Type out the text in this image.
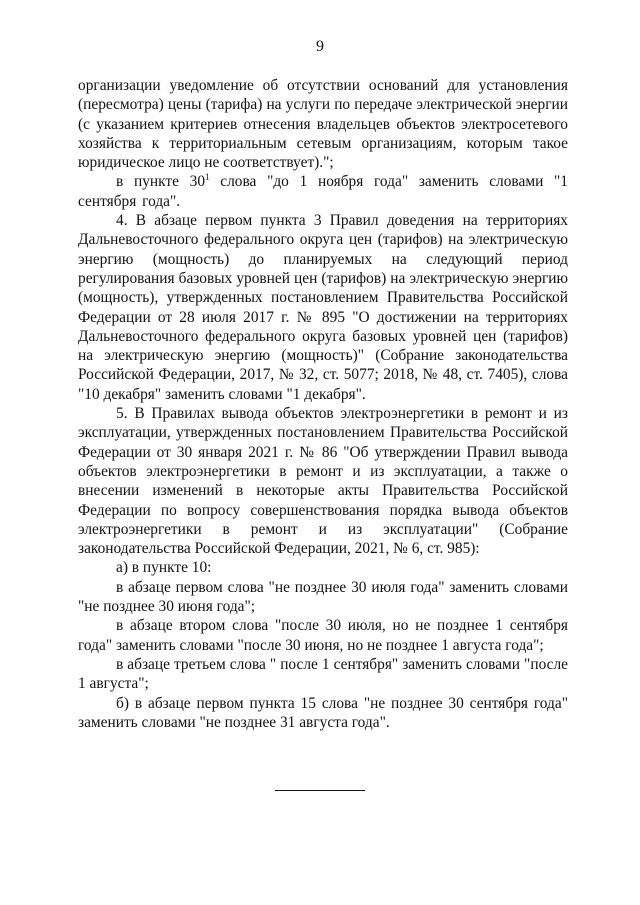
9

организации уведомление об отсутствии оснований для установления (пересмотра) цены (тарифа) на услуги по передаче электрической энергии (с указанием критериев отнесения владельцев объектов электросетевого хозяйства к территориальным сетевым организациям, которым такое юридическое лицо не соответствует).";

в пункте $30^1$ слова "до 1 ноября года" заменить словами "1 сентября года".

4. В абзаце первом пункта 3 Правил доведения на территориях Дальневосточного федерального округа цен (тарифов) на электрическую энергию (мощность) до планируемых на следующий период регулирования базовых уровней цен (тарифов) на электрическую энергию (мощность), утвержденных постановлением Правительства Российской Федерации от 28 июля 2017 г. № 895 "О достижении на территориях Дальневосточного федерального округа базовых уровней цен (тарифов) на электрическую энергию (мощность)" (Собрание законодательства Российской Федерации, 2017, № 32, ст. 5077; 2018, № 48, ст. 7405), слова "10 декабря" заменить словами "1 декабря".

5. В Правилах вывода объектов электроэнергетики в ремонт и из эксплуатации, утвержденных постановлением Правительства Российской Федерации от 30 января 2021 г. № 86 "Об утверждении Правил вывода объектов электроэнергетики в ремонт и из эксплуатации, а также о внесении изменений в некоторые акты Правительства Российской Федерации по вопросу совершенствования порядка вывода объектов электроэнергетики в ремонт и из эксплуатации" (Собрание законодательства Российской Федерации, 2021, № 6, ст. 985):

а) в пункте 10:

в абзаце первом слова "не позднее 30 июля года" заменить словами "не позднее 30 июня года";

в абзаце втором слова "после 30 июля, но не позднее 1 сентября года" заменить словами "после 30 июня, но не позднее 1 августа года";

в абзаце третьем слова " после 1 сентября" заменить словами "после 1 августа";

б) в абзаце первом пункта 15 слова "не позднее 30 сентября года" заменить словами "не позднее 31 августа года".
